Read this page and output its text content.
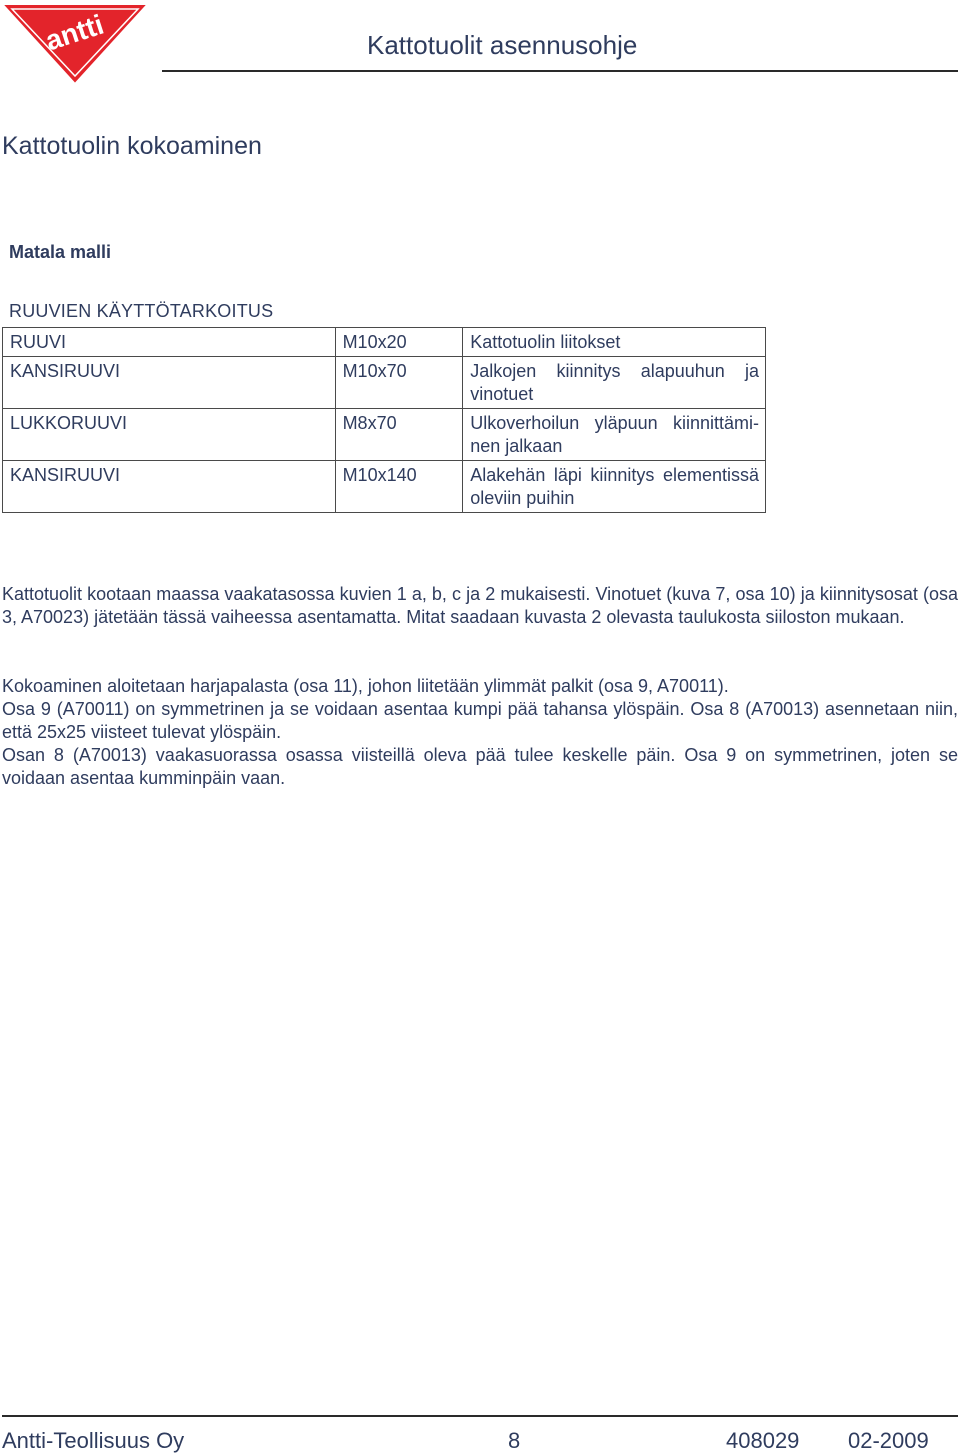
antti	Kattotuolit asennusohje
Kattotuolin kokoaminen
Matala malli
RUUVIEN KÄYTTÖTARKOITUS
RUUVI	M10x20	Kattotuolin liitokset
KANSIRUUVI	M10x70	Jalkojen kiinnitys alapuuhun ja vinotuet
LUKKORUUVI	M8x70	Ulkoverhoilun yläpuun kiinnittämi-nen jalkaan
KANSIRUUVI	M10x140	Alakehän läpi kiinnitys elementissä oleviin puihin

Kattotuolit kootaan maassa vaakatasossa kuvien 1 a, b, c ja 2 mukaisesti. Vinotuet (kuva 7, osa 10) ja kiinnitysosat (osa 3, A70023) jätetään tässä vaiheessa asentamatta. Mitat saadaan kuvasta 2 olevasta taulukosta siiloston mukaan.

Kokoaminen aloitetaan harjapalasta (osa 11), johon liitetään ylimmät palkit (osa 9, A70011).

Osa 9 (A70011) on symmetrinen ja se voidaan asentaa kumpi pää tahansa ylöspäin. Osa 8 (A70013) asennetaan niin, että 25x25 viisteet tulevat ylöspäin.

Osan 8 (A70013) vaakasuorassa osassa viisteillä oleva pää tulee keskelle päin. Osa 9 on symmetrinen, joten se voidaan asentaa kumminpäin vaan.

Antti-Teollisuus Oy	8	408029 02-2009
